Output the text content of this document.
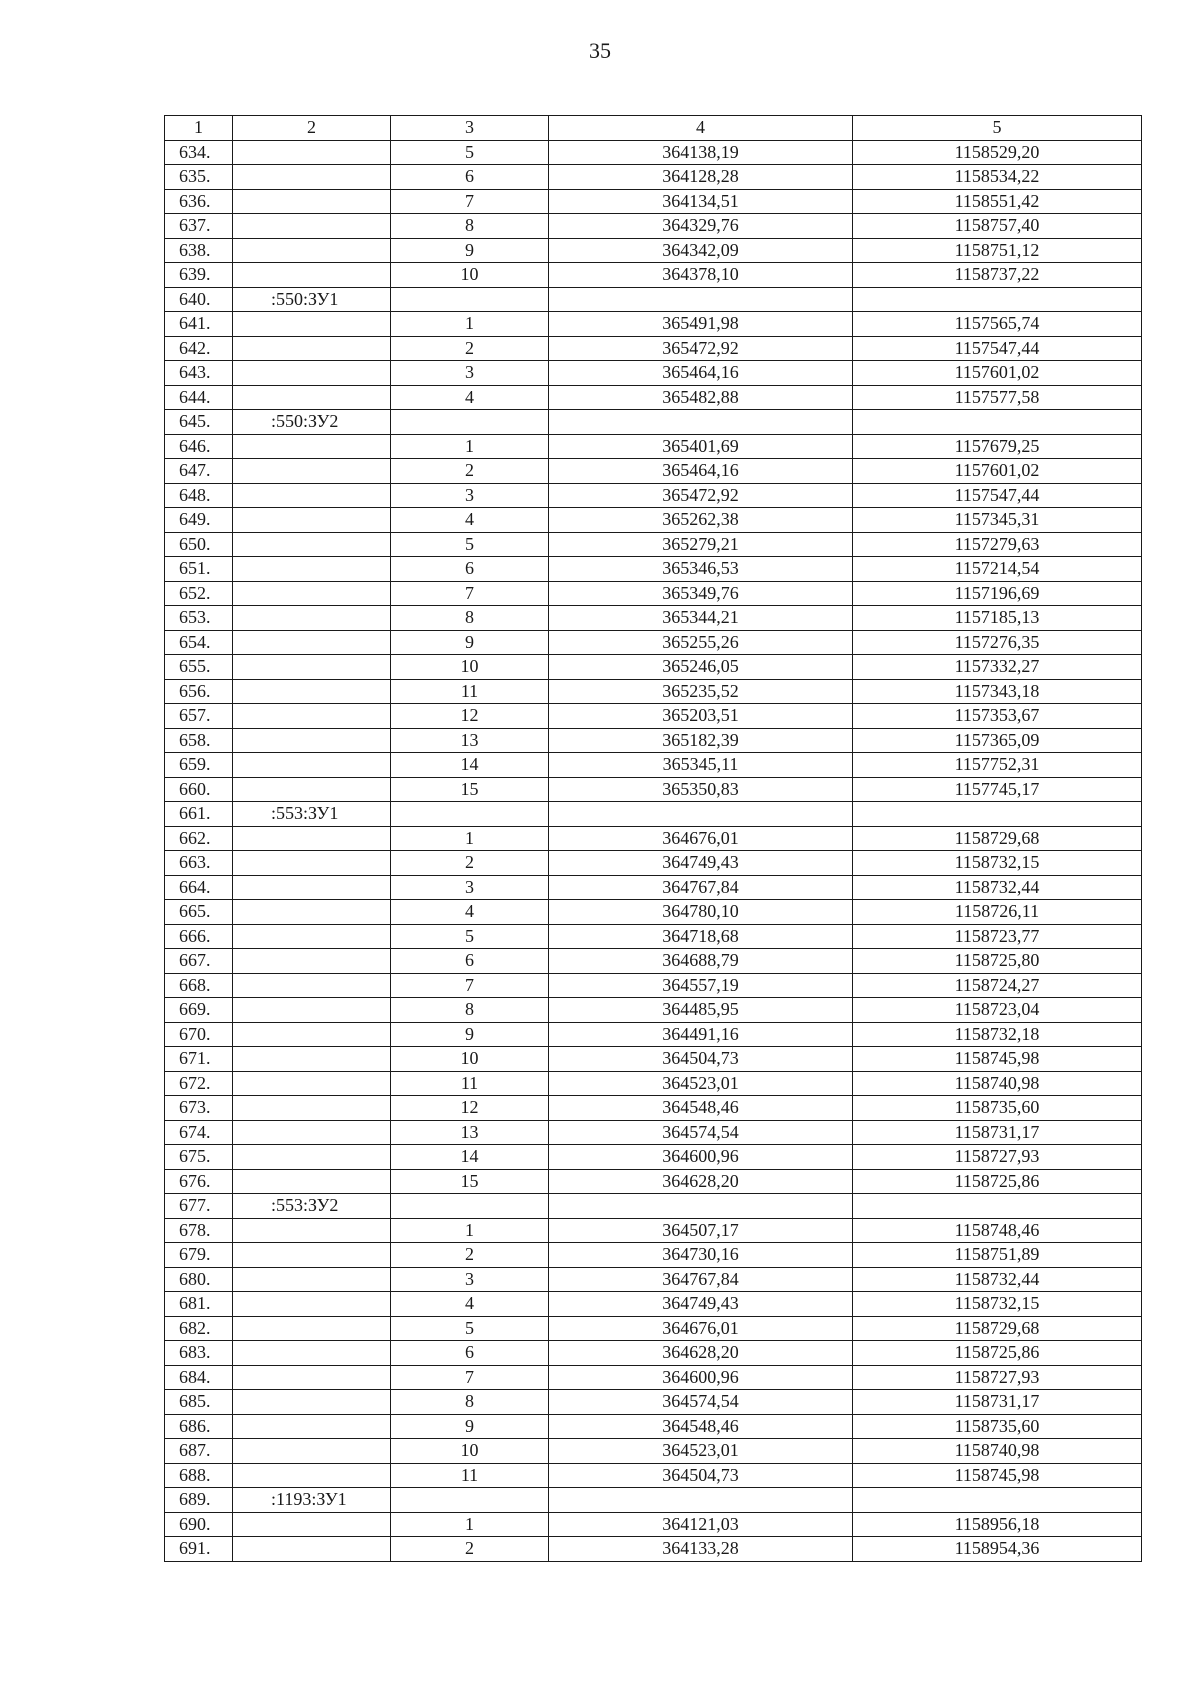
35
1	2	3	4	5
634.		5	364138,19	1158529,20
635.		6	364128,28	1158534,22
636.		7	364134,51	1158551,42
637.		8	364329,76	1158757,40
638.		9	364342,09	1158751,12
639.		10	364378,10	1158737,22
640.	:550:ЗУ1			
641.		1	365491,98	1157565,74
642.		2	365472,92	1157547,44
643.		3	365464,16	1157601,02
644.		4	365482,88	1157577,58
645.	:550:ЗУ2			
646.		1	365401,69	1157679,25
647.		2	365464,16	1157601,02
648.		3	365472,92	1157547,44
649.		4	365262,38	1157345,31
650.		5	365279,21	1157279,63
651.		6	365346,53	1157214,54
652.		7	365349,76	1157196,69
653.		8	365344,21	1157185,13
654.		9	365255,26	1157276,35
655.		10	365246,05	1157332,27
656.		11	365235,52	1157343,18
657.		12	365203,51	1157353,67
658.		13	365182,39	1157365,09
659.		14	365345,11	1157752,31
660.		15	365350,83	1157745,17
661.	:553:ЗУ1			
662.		1	364676,01	1158729,68
663.		2	364749,43	1158732,15
664.		3	364767,84	1158732,44
665.		4	364780,10	1158726,11
666.		5	364718,68	1158723,77
667.		6	364688,79	1158725,80
668.		7	364557,19	1158724,27
669.		8	364485,95	1158723,04
670.		9	364491,16	1158732,18
671.		10	364504,73	1158745,98
672.		11	364523,01	1158740,98
673.		12	364548,46	1158735,60
674.		13	364574,54	1158731,17
675.		14	364600,96	1158727,93
676.		15	364628,20	1158725,86
677.	:553:ЗУ2			
678.		1	364507,17	1158748,46
679.		2	364730,16	1158751,89
680.		3	364767,84	1158732,44
681.		4	364749,43	1158732,15
682.		5	364676,01	1158729,68
683.		6	364628,20	1158725,86
684.		7	364600,96	1158727,93
685.		8	364574,54	1158731,17
686.		9	364548,46	1158735,60
687.		10	364523,01	1158740,98
688.		11	364504,73	1158745,98
689.	:1193:ЗУ1			
690.		1	364121,03	1158956,18
691.		2	364133,28	1158954,36
